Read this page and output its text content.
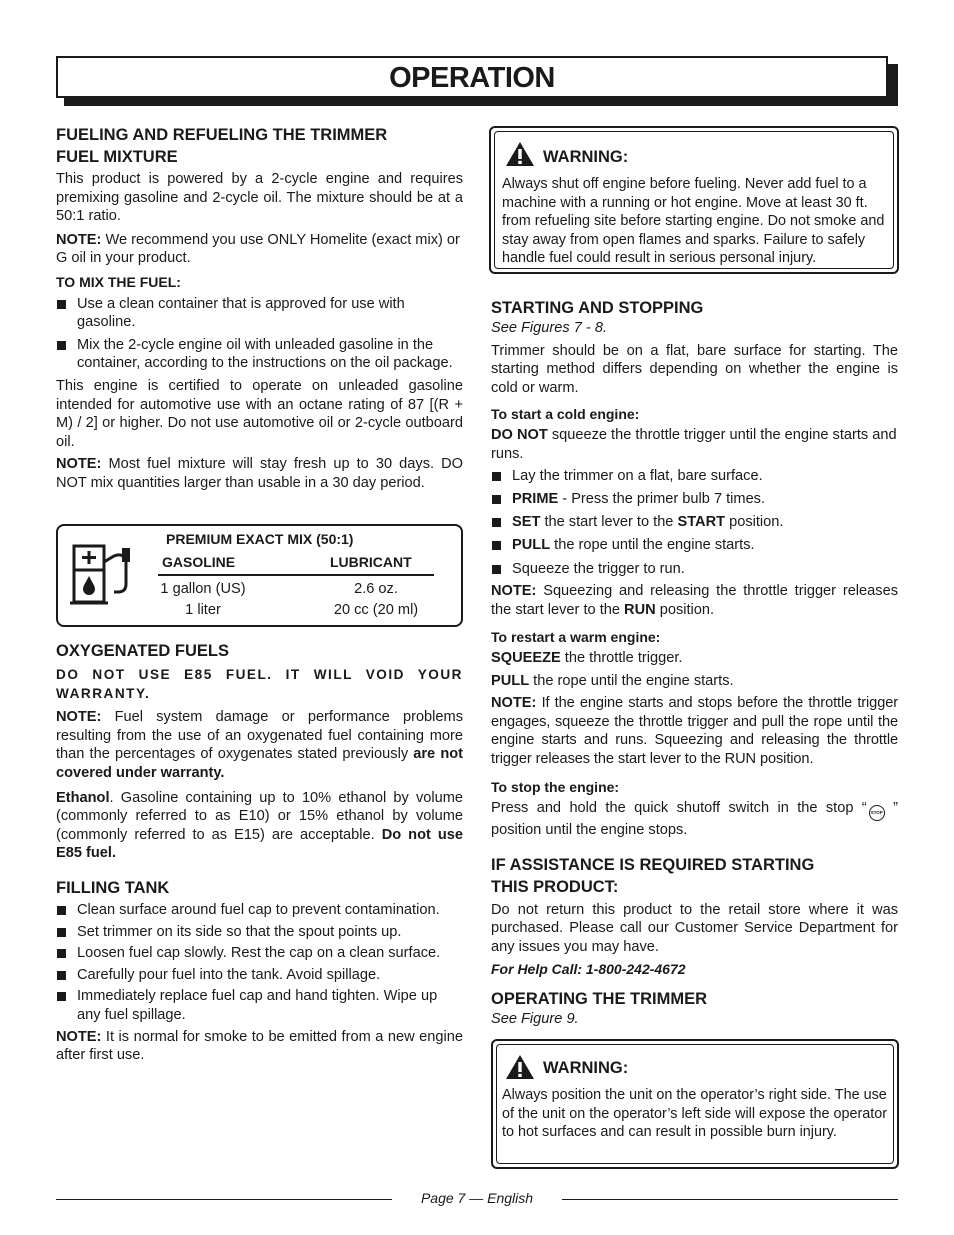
OPERATION
FUELING AND REFUELING THE TRIMMER
FUEL MIXTURE

This product is powered by a 2-cycle engine and requires premixing gasoline and 2-cycle oil. The mixture should be at a 50:1 ratio.

NOTE: We recommend you use ONLY Homelite (exact mix) or G oil in your product.

TO MIX THE FUEL:

Use a clean container that is approved for use with gasoline.
Mix the 2-cycle engine oil with unleaded gasoline in the container, according to the instructions on the oil package.

This engine is certified to operate on unleaded gasoline intended for automotive use with an octane rating of 87 [(R + M) / 2] or higher. Do not use automotive oil or 2-cycle outboard oil.

NOTE: Most fuel mixture will stay fresh up to 30 days. DO NOT mix quantities larger than usable in a 30 day period.

PREMIUM EXACT MIX (50:1)
GASOLINE	LUBRICANT
1 gallon (US)	2.6 oz.
1 liter	20 cc (20 ml)
OXYGENATED FUELS

DO NOT USE E85 FUEL. IT WILL VOID YOUR WARRANTY.

NOTE: Fuel system damage or performance problems resulting from the use of an oxygenated fuel containing more than the percentages of oxygenates stated previously are not covered under warranty.

Ethanol. Gasoline containing up to 10% ethanol by volume (commonly referred to as E10) or 15% ethanol by volume (commonly referred to as E15) are acceptable. Do not use E85 fuel.

FILLING TANK
Clean surface around fuel cap to prevent contamination.
Set trimmer on its side so that the spout points up.
Loosen fuel cap slowly. Rest the cap on a clean surface.
Carefully pour fuel into the tank. Avoid spillage.
Immediately replace fuel cap and hand tighten. Wipe up any fuel spillage.

NOTE: It is normal for smoke to be emitted from a new engine after first use.

WARNING:

Always shut off engine before fueling. Never add fuel to a machine with a running or hot engine. Move at least 30 ft. from refueling site before starting engine. Do not smoke and stay away from open flames and sparks. Failure to safely handle fuel could result in serious personal injury.

STARTING AND STOPPING

See Figures 7 - 8.

Trimmer should be on a flat, bare surface for starting. The starting method differs depending on whether the engine is cold or warm.

To start a cold engine:

DO NOT squeeze the throttle trigger until the engine starts and runs.

Lay the trimmer on a flat, bare surface.
PRIME - Press the primer bulb 7 times.
SET the start lever to the START position.
PULL the rope until the engine starts.
Squeeze the trigger to run.

NOTE: Squeezing and releasing the throttle trigger releases the start lever to the RUN position.

To restart a warm engine:

SQUEEZE the throttle trigger.

PULL the rope until the engine starts.

NOTE: If the engine starts and stops before the throttle trigger engages, squeeze the throttle trigger and pull the rope until the engine starts and runs. Squeezing and releasing the throttle trigger releases the start lever to the RUN position.

To stop the engine:

Press and hold the quick shutoff switch in the stop “ STOP ” position until the engine stops.

IF ASSISTANCE IS REQUIRED STARTING
THIS PRODUCT:

Do not return this product to the retail store where it was purchased. Please call our Customer Service Department for any issues you may have.

For Help Call: 1-800-242-4672

OPERATING THE TRIMMER

See Figure 9.

WARNING:

Always position the unit on the operator’s right side. The use of the unit on the operator’s left side will expose the operator to hot surfaces and can result in possible burn injury.

Page 7 — English
